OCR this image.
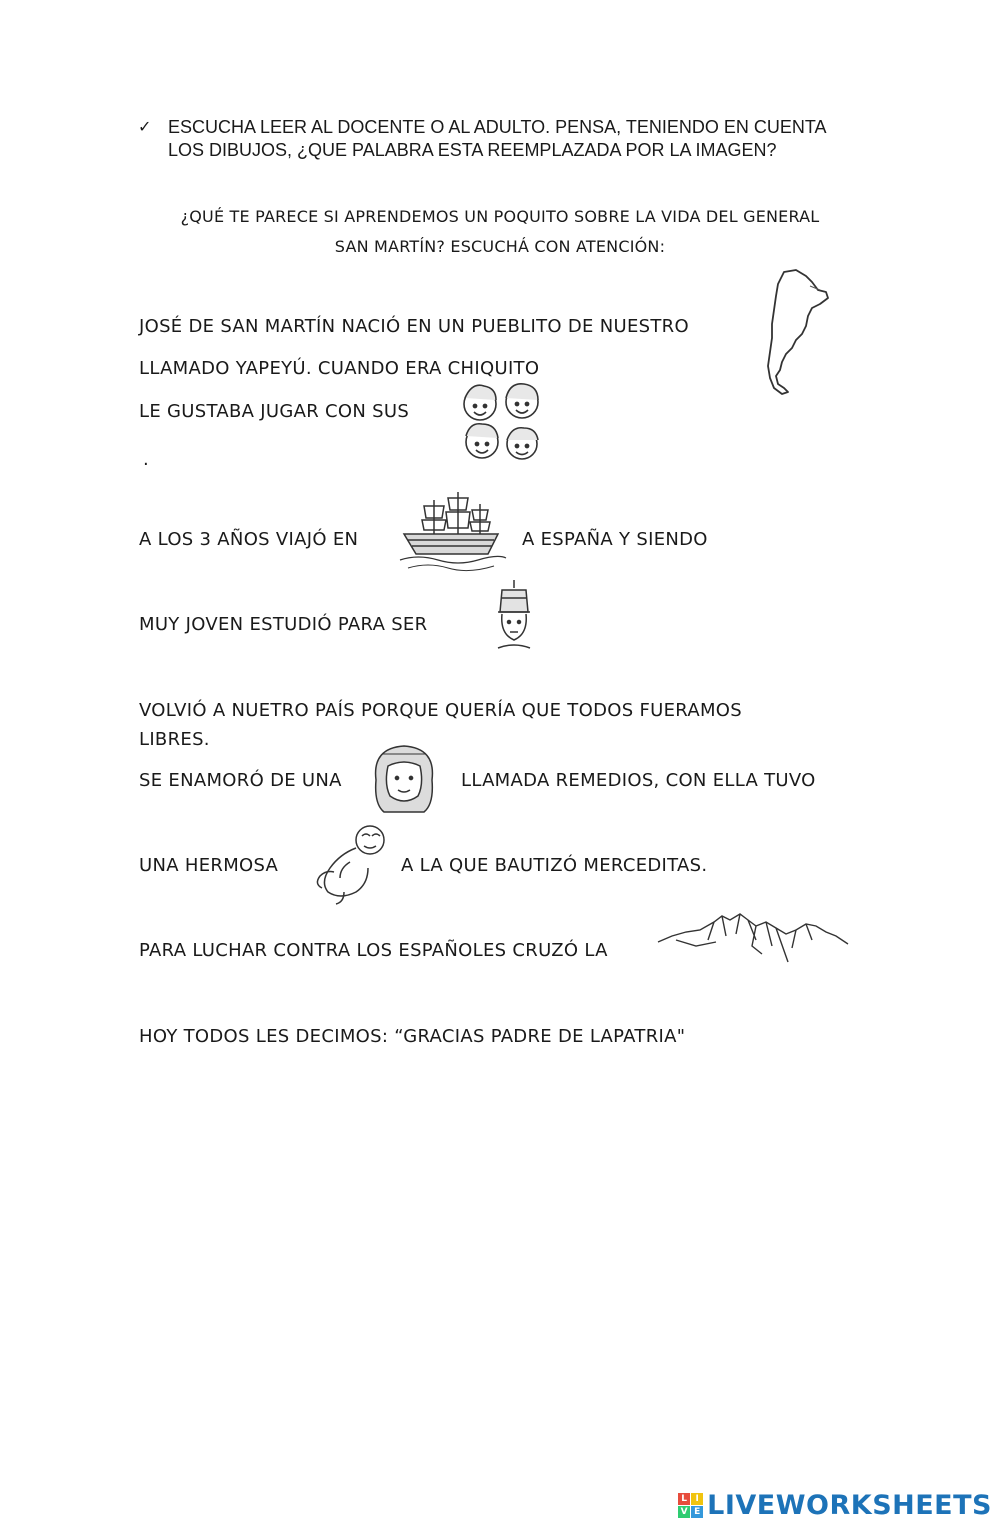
✓ ESCUCHA LEER AL DOCENTE O AL ADULTO. PENSA, TENIENDO EN CUENTA LOS DIBUJOS, ¿QUE PALABRA ESTA REEMPLAZADA POR LA IMAGEN?
¿QUÉ TE PARECE SI APRENDEMOS UN POQUITO SOBRE LA VIDA DEL GENERAL
SAN MARTÍN? ESCUCHÁ CON ATENCIÓN:
JOSÉ DE SAN MARTÍN NACIÓ EN UN PUEBLITO DE NUESTRO
LLAMADO YAPEYÚ. CUANDO ERA CHIQUITO
LE GUSTABA JUGAR CON SUS
.
A LOS 3 AÑOS VIAJÓ EN	A ESPAÑA Y SIENDO
MUY JOVEN ESTUDIÓ PARA SER
VOLVIÓ A NUETRO PAÍS PORQUE QUERÍA QUE TODOS FUERAMOS
LIBRES.
SE ENAMORÓ DE UNA	LLAMADA REMEDIOS, CON ELLA TUVO
UNA HERMOSA	A LA QUE BAUTIZÓ MERCEDITAS.
PARA LUCHAR CONTRA LOS ESPAÑOLES CRUZÓ LA
HOY TODOS LES DECIMOS: “GRACIAS PADRE DE LAPATRIA"
L I
V E LIVEWORKSHEETS
